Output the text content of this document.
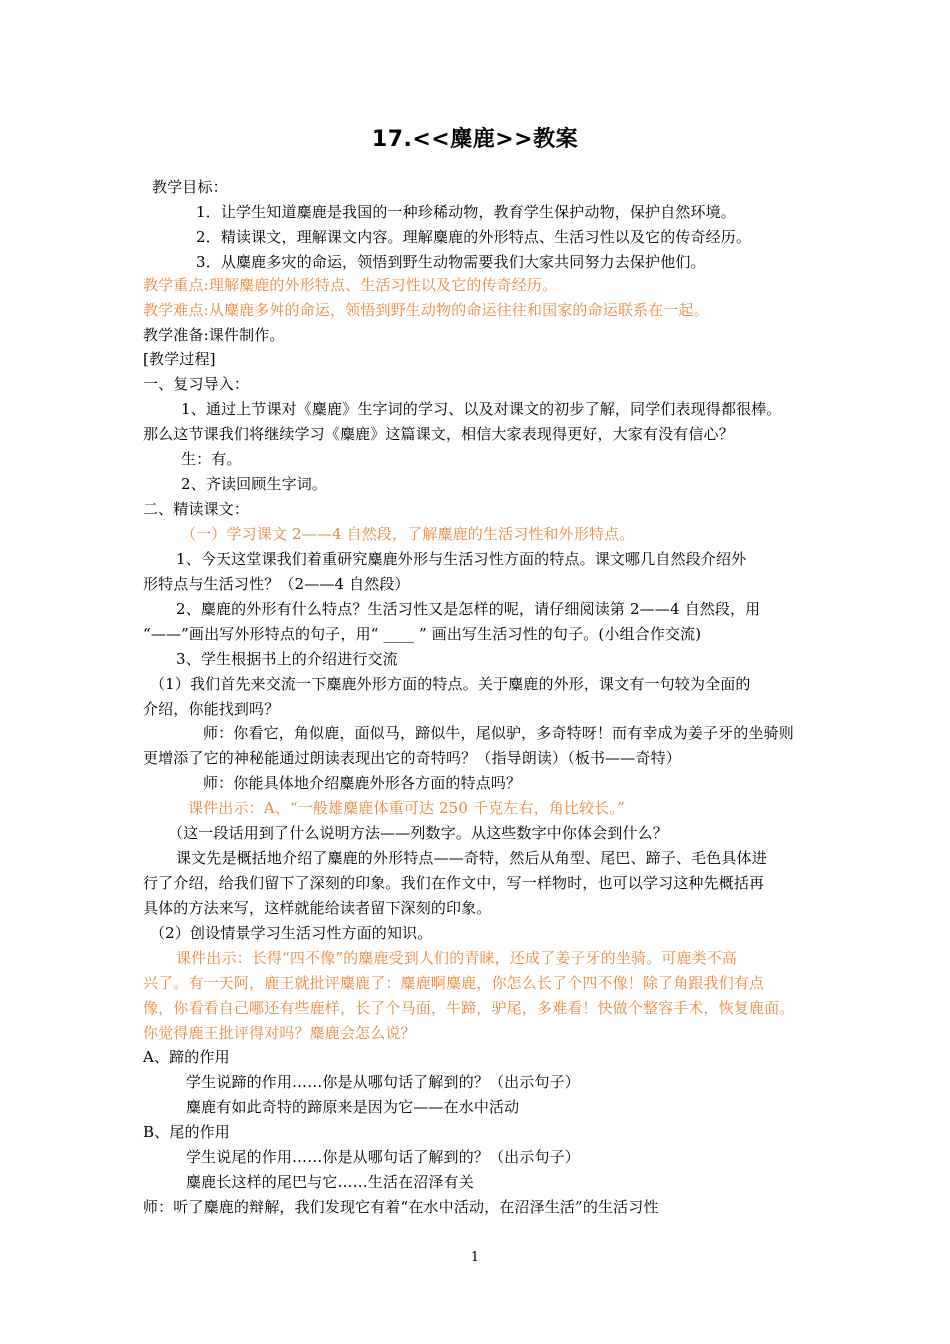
17.<<麋鹿>>教案
教学目标：
1．让学生知道麋鹿是我国的一种珍稀动物，教育学生保护动物，保护自然环境。
2．精读课文，理解课文内容。理解麋鹿的外形特点、生活习性以及它的传奇经历。
3．从麋鹿多灾的命运，领悟到野生动物需要我们大家共同努力去保护他们。
教学重点:理解麋鹿的外形特点、生活习性以及它的传奇经历。
教学难点:从麋鹿多舛的命运，领悟到野生动物的命运往往和国家的命运联系在一起。
教学准备:课件制作。
[教学过程]
一、复习导入：
1、通过上节课对《麋鹿》生字词的学习、以及对课文的初步了解，同学们表现得都很棒。
那么这节课我们将继续学习《麋鹿》这篇课文，相信大家表现得更好，大家有没有信心？
生：有。
2、齐读回顾生字词。
二、精读课文：
（一）学习课文 2——4 自然段，了解麋鹿的生活习性和外形特点。
1、今天这堂课我们着重研究麋鹿外形与生活习性方面的特点。课文哪几自然段介绍外
形特点与生活习性？（2——4 自然段）
2、麋鹿的外形有什么特点？生活习性又是怎样的呢，请仔细阅读第 2——4 自然段，用
“——”画出写外形特点的句子，用“ ____ ” 画出写生活习性的句子。(小组合作交流)
3、学生根据书上的介绍进行交流
（1）我们首先来交流一下麋鹿外形方面的特点。关于麋鹿的外形，课文有一句较为全面的
介绍，你能找到吗？
师：你看它，角似鹿，面似马，蹄似牛，尾似驴，多奇特呀！而有幸成为姜子牙的坐骑则
更增添了它的神秘能通过朗读表现出它的奇特吗？（指导朗读）（板书——奇特）
师：你能具体地介绍麋鹿外形各方面的特点吗？
课件出示：A、“一般雄麋鹿体重可达 250 千克左右，角比较长。”
（这一段话用到了什么说明方法——列数字。从这些数字中你体会到什么？
课文先是概括地介绍了麋鹿的外形特点——奇特，然后从角型、尾巴、蹄子、毛色具体进
行了介绍，给我们留下了深刻的印象。我们在作文中，写一样物时，也可以学习这种先概括再
具体的方法来写，这样就能给读者留下深刻的印象。
（2）创设情景学习生活习性方面的知识。
课件出示：长得“四不像”的麋鹿受到人们的青睐，还成了姜子牙的坐骑。可鹿类不高
兴了。有一天阿，鹿王就批评麋鹿了：麋鹿啊麋鹿，你怎么长了个四不像！除了角跟我们有点
像，你看看自己哪还有些鹿样，长了个马面，牛蹄，驴尾，多难看！快做个整容手术，恢复鹿面。
你觉得鹿王批评得对吗？麋鹿会怎么说？
A、蹄的作用
学生说蹄的作用……你是从哪句话了解到的？（出示句子）
麋鹿有如此奇特的蹄原来是因为它——在水中活动
B、尾的作用
学生说尾的作用……你是从哪句话了解到的？（出示句子）
麋鹿长这样的尾巴与它……生活在沼泽有关
师：听了麋鹿的辩解，我们发现它有着“在水中活动，在沼泽生活”的生活习性
1
